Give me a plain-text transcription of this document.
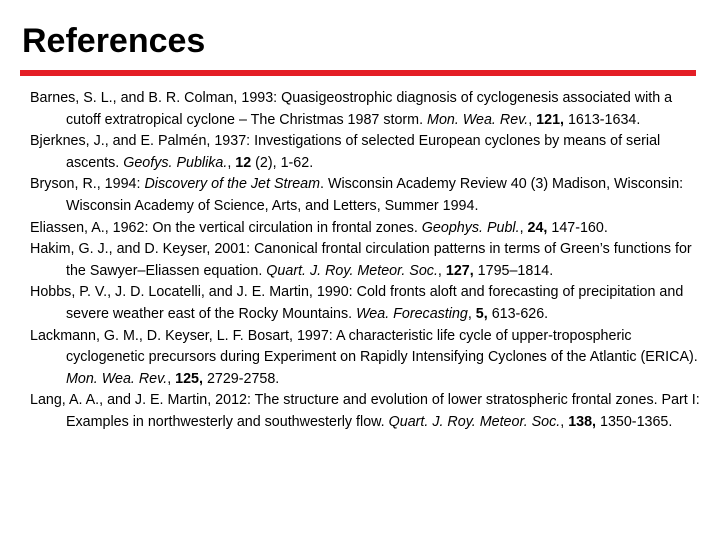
References
Barnes, S. L., and B. R. Colman, 1993: Quasigeostrophic diagnosis of cyclogenesis associated with a cutoff extratropical cyclone – The Christmas 1987 storm. Mon. Wea. Rev., 121, 1613-1634.
Bjerknes, J., and E. Palmén, 1937: Investigations of selected European cyclones by means of serial ascents. Geofys. Publika., 12 (2), 1-62.
Bryson, R., 1994: Discovery of the Jet Stream. Wisconsin Academy Review 40 (3) Madison, Wisconsin: Wisconsin Academy of Science, Arts, and Letters, Summer 1994.
Eliassen, A., 1962: On the vertical circulation in frontal zones. Geophys. Publ., 24, 147-160.
Hakim, G. J., and D. Keyser, 2001: Canonical frontal circulation patterns in terms of Green’s functions for the Sawyer–Eliassen equation. Quart. J. Roy. Meteor. Soc., 127, 1795–1814.
Hobbs, P. V., J. D. Locatelli, and J. E. Martin, 1990: Cold fronts aloft and forecasting of precipitation and severe weather east of the Rocky Mountains. Wea. Forecasting, 5, 613-626.
Lackmann, G. M., D. Keyser, L. F. Bosart, 1997: A characteristic life cycle of upper-tropospheric cyclogenetic precursors during Experiment on Rapidly Intensifying Cyclones of the Atlantic (ERICA). Mon. Wea. Rev., 125, 2729-2758.
Lang, A. A., and J. E. Martin, 2012: The structure and evolution of lower stratospheric frontal zones. Part I: Examples in northwesterly and southwesterly flow. Quart. J. Roy. Meteor. Soc., 138, 1350-1365.
